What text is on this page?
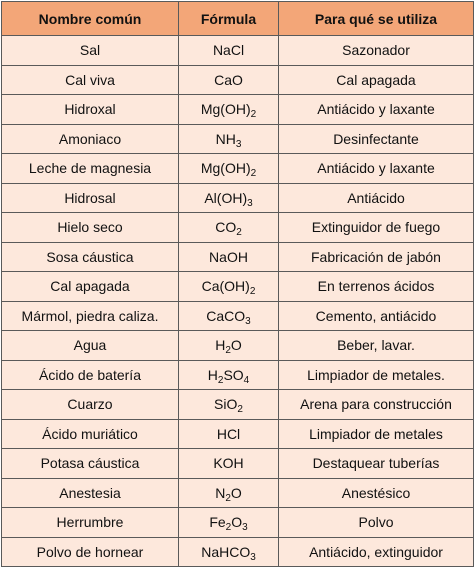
Nombre común	Fórmula	Para qué se utiliza
Sal	NaCl	Sazonador
Cal viva	CaO	Cal apagada
Hidroxal	$Mg(OH)_2$	Antiácido y laxante
Amoniaco	$NH_3$	Desinfectante
Leche de magnesia	$Mg(OH)_2$	Antiácido y laxante
Hidrosal	$Al(OH)_3$	Antiácido
Hielo seco	$CO_2$	Extinguidor de fuego
Sosa cáustica	NaOH	Fabricación de jabón
Cal apagada	$Ca(OH)_2$	En terrenos ácidos
Mármol, piedra caliza.	CaCO$_3$	Cemento, antiácido
Agua	$H_2O$	Beber, lavar.
Ácido de batería	$H_2SO_4$	Limpiador de metales.
Cuarzo	SiO$_2$	Arena para construcción
Ácido muriático	HCl	Limpiador de metales
Potasa cáustica	KOH	Destaquear tuberías
Anestesia	$N_2O$	Anestésico
Herrumbre	$Fe_2O_3$	Polvo
Polvo de hornear	NaHCO$_3$	Antiácido, extinguidor
